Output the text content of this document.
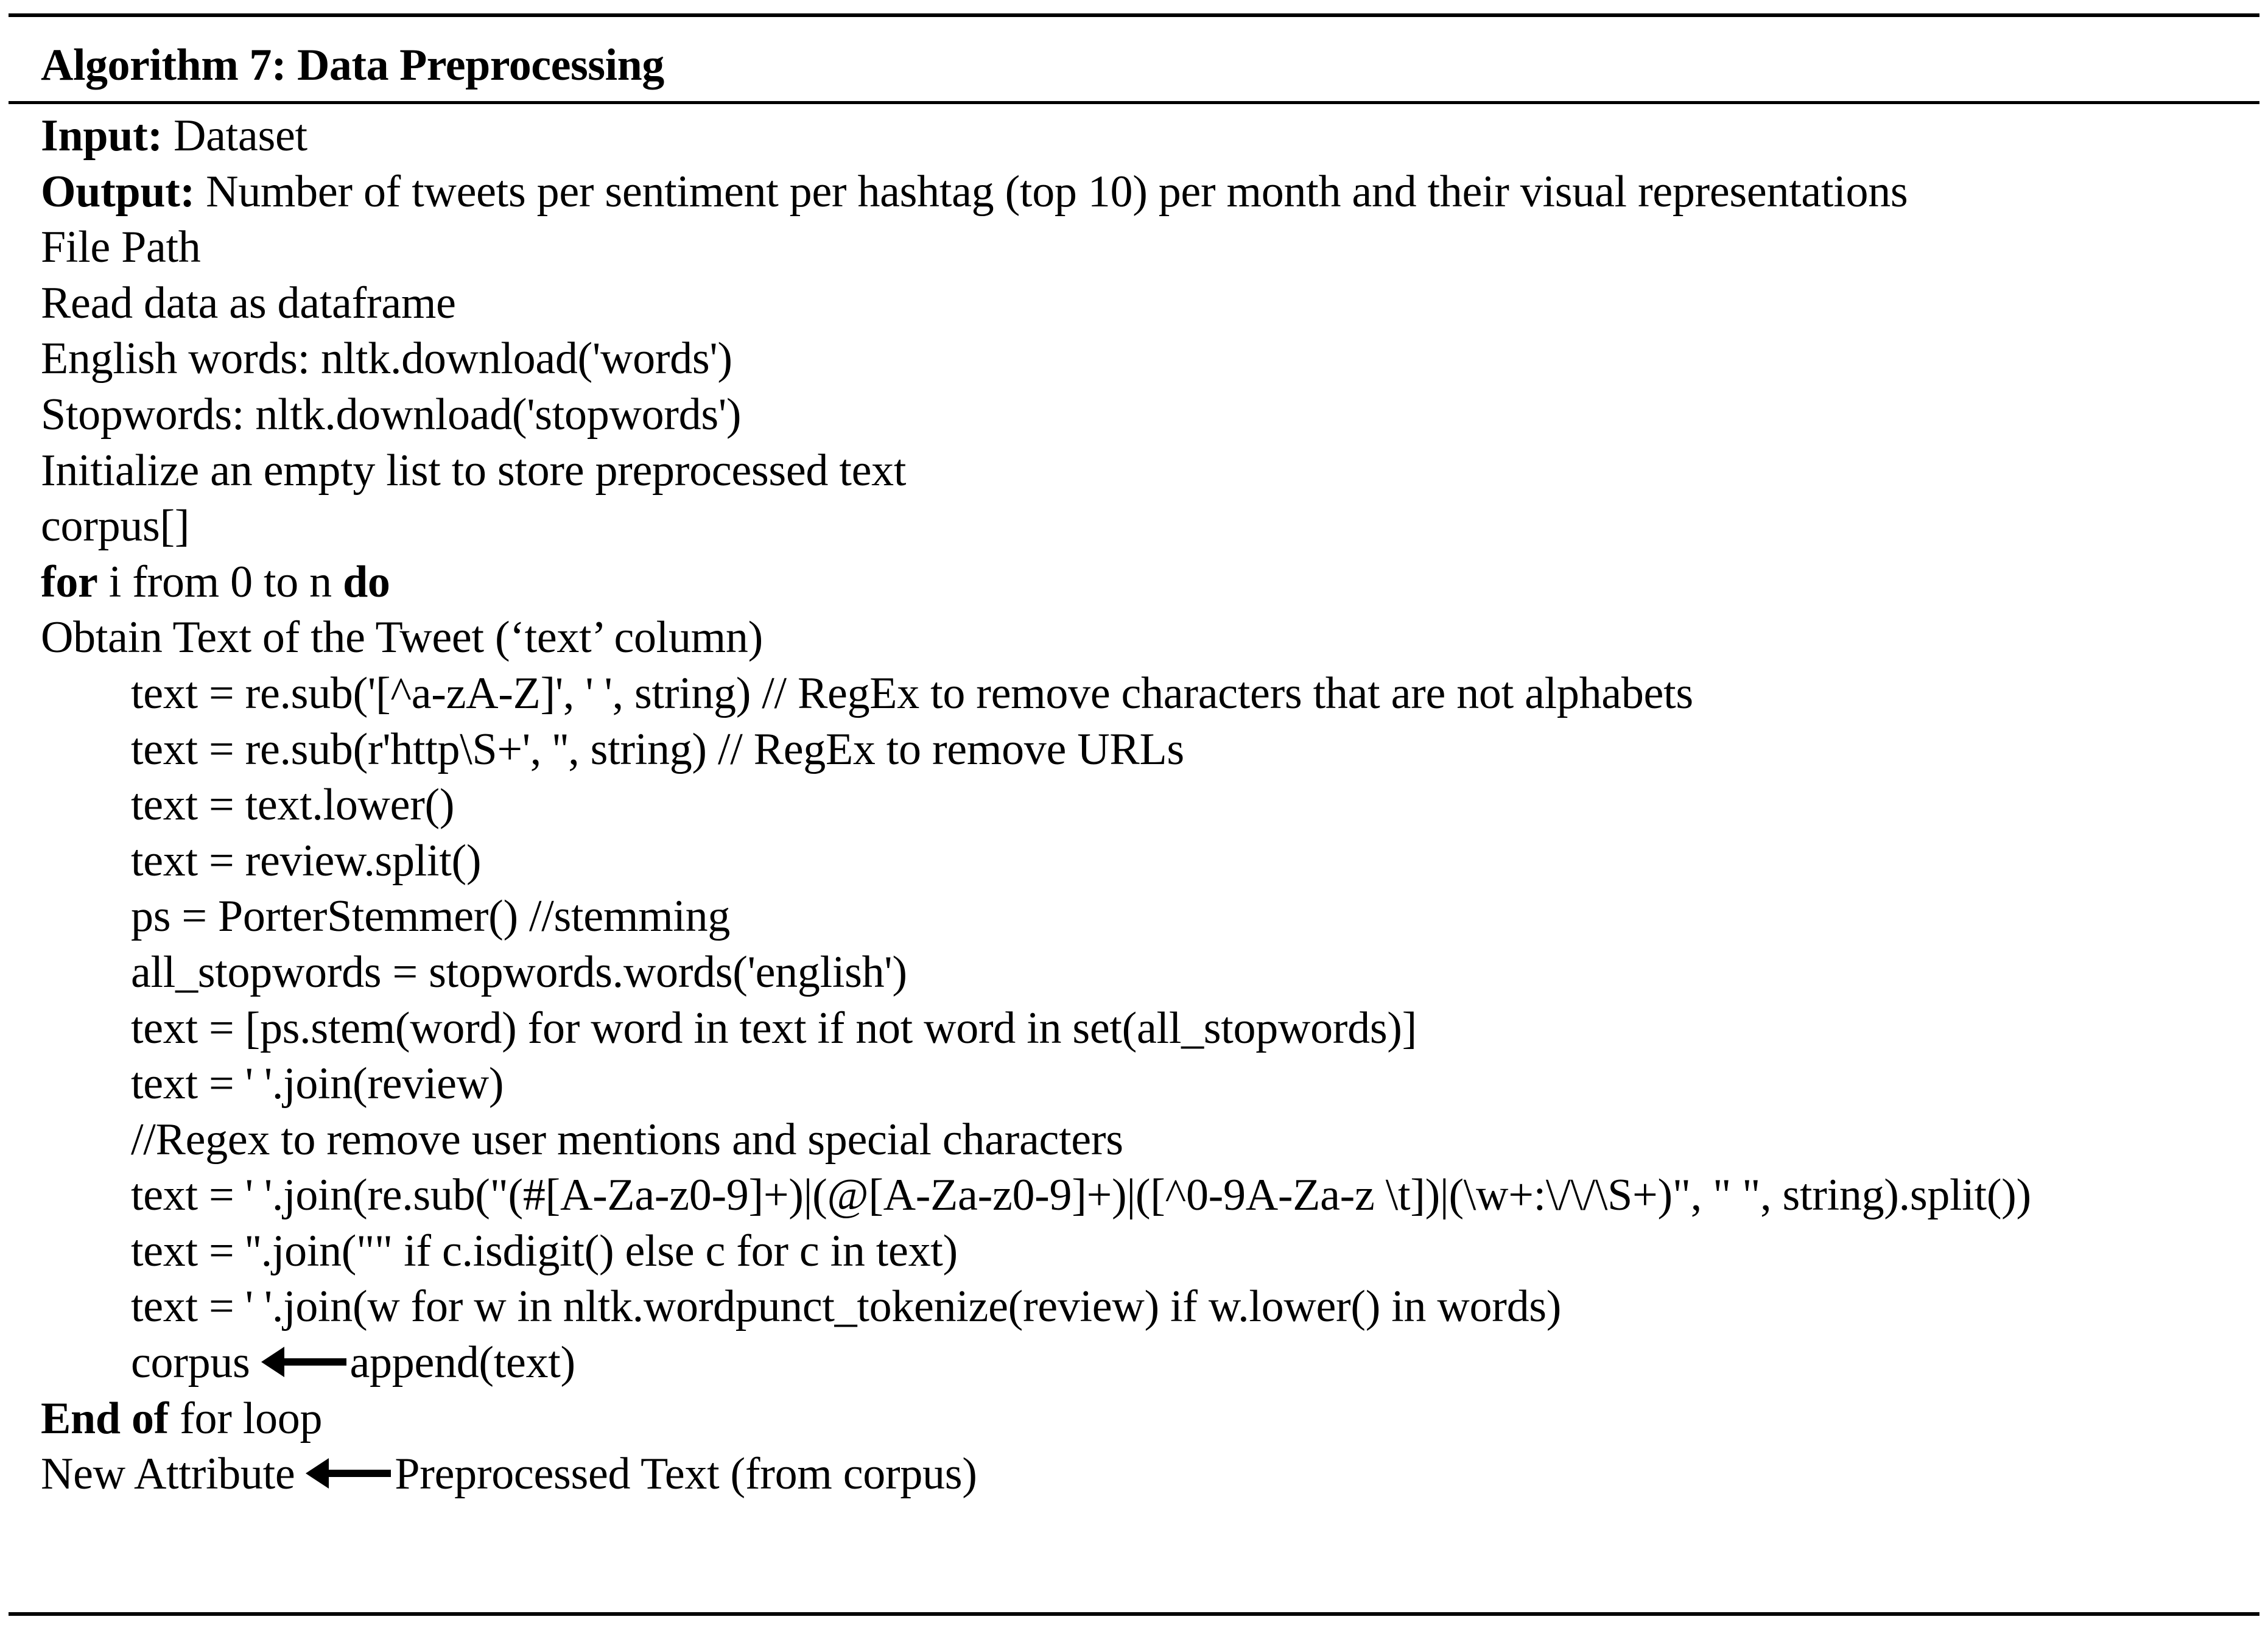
Algorithm 7: Data Preprocessing
Input: Dataset
Output: Number of tweets per sentiment per hashtag (top 10) per month and their visual representations
File Path
Read data as dataframe
English words: nltk.download('words')
Stopwords: nltk.download('stopwords')
Initialize an empty list to store preprocessed text
corpus[]
for i from 0 to n do
Obtain Text of the Tweet (‘text’ column)
text = re.sub('[^a-zA-Z]', ' ', string) // RegEx to remove characters that are not alphabets
text = re.sub(r'http\S+', '', string) // RegEx to remove URLs
text = text.lower()
text = review.split()
ps = PorterStemmer() //stemming
all_stopwords = stopwords.words('english')
text = [ps.stem(word) for word in text if not word in set(all_stopwords)]
text = ' '.join(review)
//Regex to remove user mentions and special characters
text = ' '.join(re.sub("(#[A-Za-z0-9]+)|(@[A-Za-z0-9]+)|([^0-9A-Za-z \t])|(\w+:\/\/\S+)", " ", string).split())
text = ''.join("" if c.isdigit() else c for c in text)
text = ' '.join(w for w in nltk.wordpunct_tokenize(review) if w.lower() in words)
corpus append(text)
End of for loop
New Attribute Preprocessed Text (from corpus)
